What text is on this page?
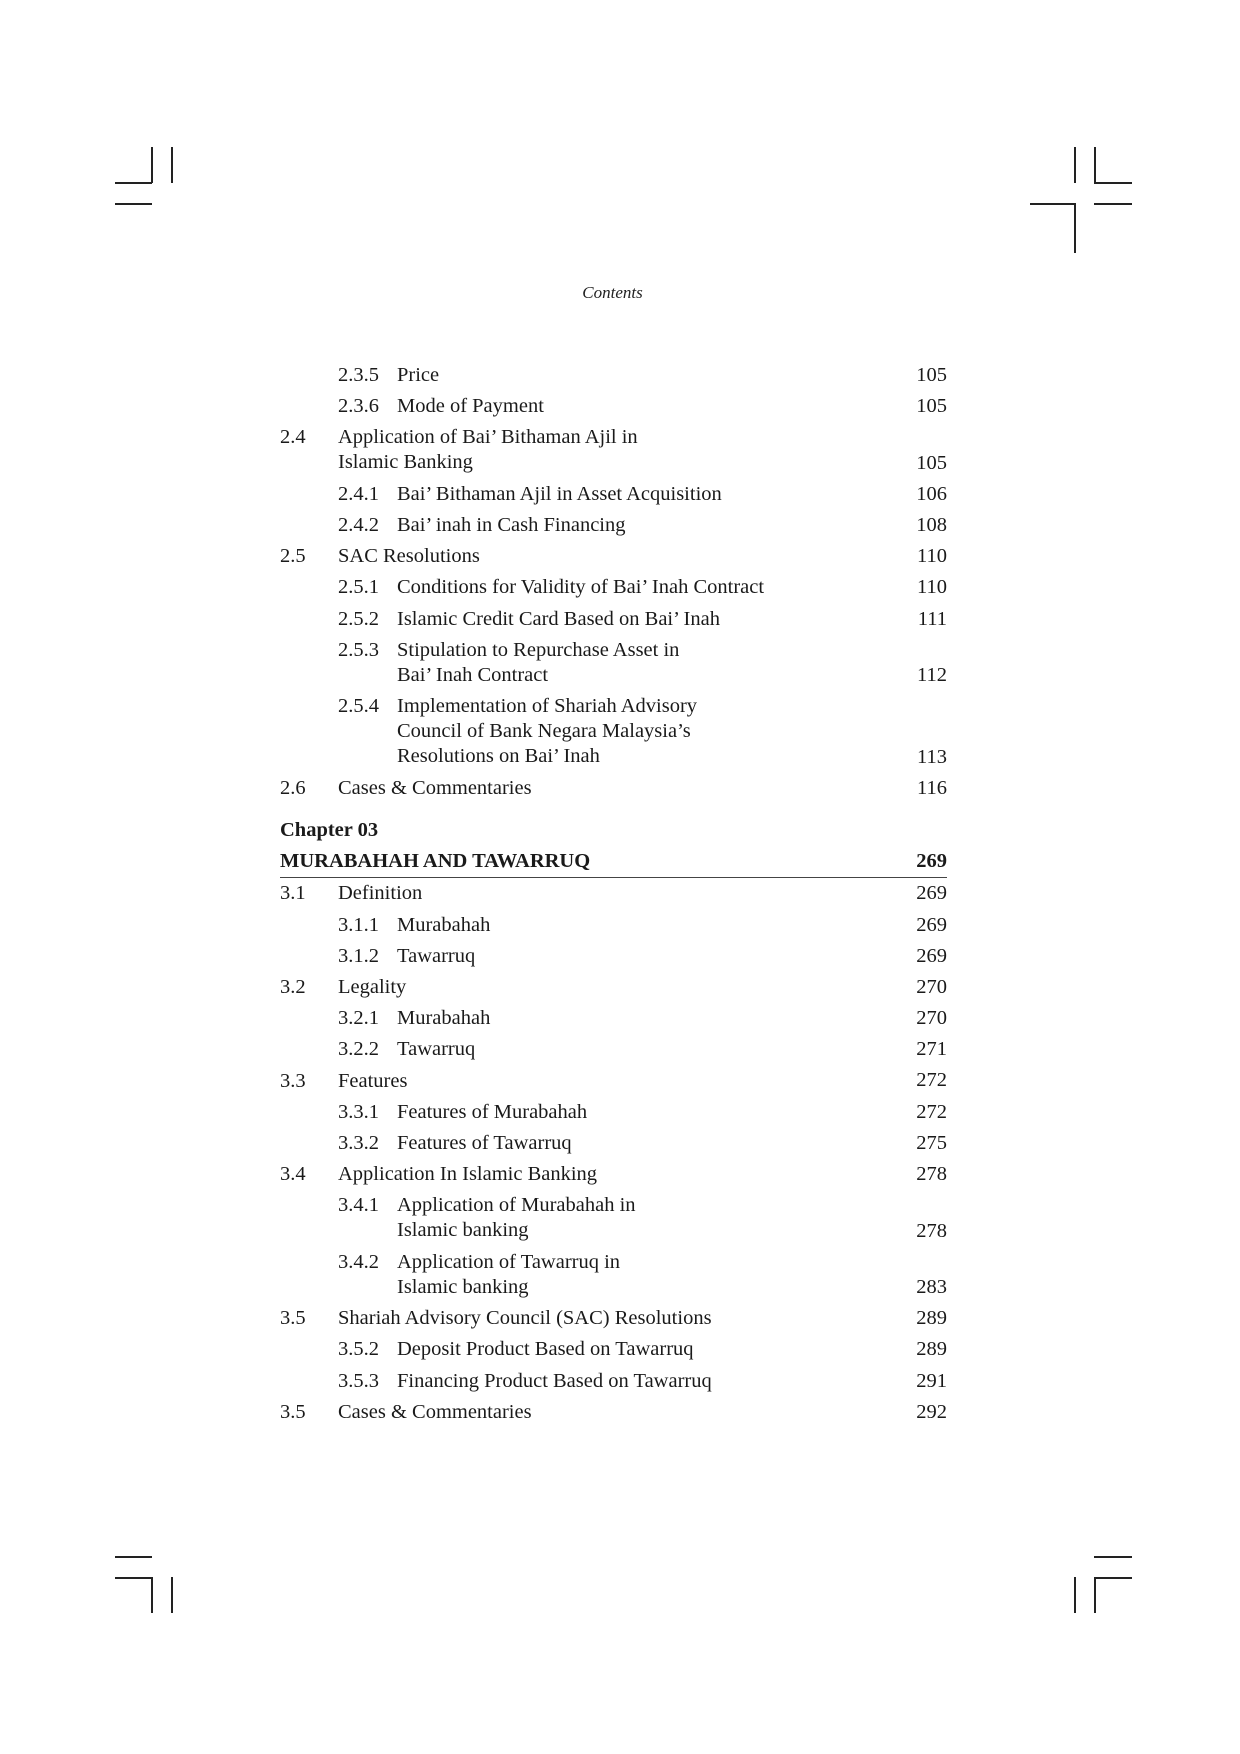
Contents
2.3.5 Price	105
2.3.6 Mode of Payment	105
2.4 Application of Bai’ Bithaman Ajil in
Islamic Banking	105
2.4.1 Bai’ Bithaman Ajil in Asset Acquisition	106
2.4.2 Bai’ inah in Cash Financing	108
2.5 SAC Resolutions	110
2.5.1 Conditions for Validity of Bai’ Inah Contract	110
2.5.2 Islamic Credit Card Based on Bai’ Inah	111
2.5.3 Stipulation to Repurchase Asset in
Bai’ Inah Contract	112
2.5.4 Implementation of Shariah Advisory
Council of Bank Negara Malaysia’s
Resolutions on Bai’ Inah	113
2.6 Cases & Commentaries	116
Chapter 03
MURABAHAH AND TAWARRUQ	269
3.1 Definition	269
3.1.1 Murabahah	269
3.1.2 Tawarruq	269
3.2 Legality	270
3.2.1 Murabahah	270
3.2.2 Tawarruq	271
3.3 Features	272
3.3.1 Features of Murabahah	272
3.3.2 Features of Tawarruq	275
3.4 Application In Islamic Banking	278
3.4.1 Application of Murabahah in
Islamic banking	278
3.4.2 Application of Tawarruq in
Islamic banking	283
3.5 Shariah Advisory Council (SAC) Resolutions	289
3.5.2 Deposit Product Based on Tawarruq	289
3.5.3 Financing Product Based on Tawarruq	291
3.5 Cases & Commentaries	292
